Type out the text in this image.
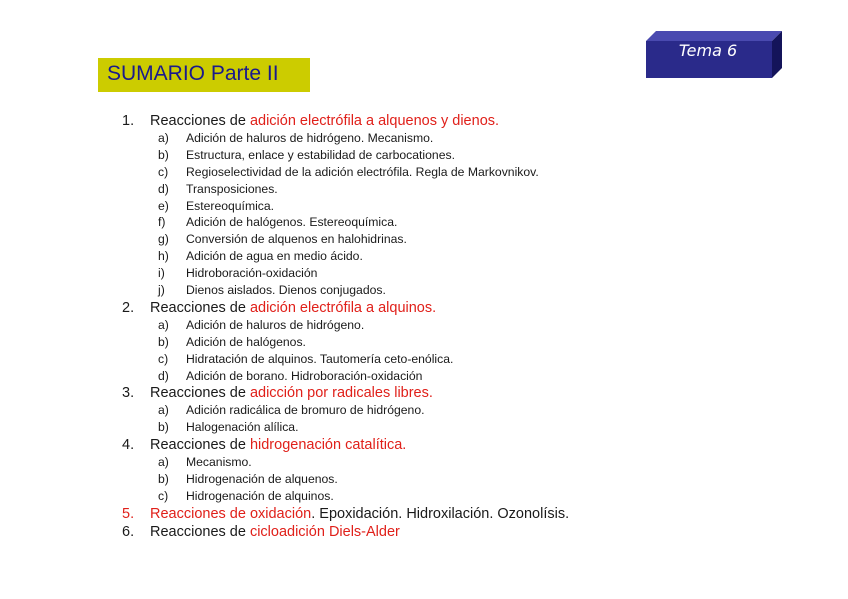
Tema 6
SUMARIO Parte II
1.	Reacciones de adición electrófila a alquenos y dienos.
a) Adición de haluros de hidrógeno. Mecanismo.
b) Estructura, enlace y estabilidad de carbocationes.
c) Regioselectividad de la adición electrófila. Regla de Markovnikov.
d) Transposiciones.
e) Estereoquímica.
f) Adición de halógenos. Estereoquímica.
g) Conversión de alquenos en halohidrinas.
h) Adición de agua en medio ácido.
i) Hidroboración-oxidación
j) Dienos aislados. Dienos conjugados.
2.	Reacciones de adición electrófila a alquinos.
a) Adición de haluros de hidrógeno.
b) Adición de halógenos.
c) Hidratación de alquinos. Tautomería ceto-enólica.
d) Adición de borano. Hidroboración-oxidación
3.	Reacciones de adicción por radicales libres.
a) Adición radicálica de bromuro de hidrógeno.
b) Halogenación alílica.
4.	Reacciones de hidrogenación catalítica.
a) Mecanismo.
b) Hidrogenación de alquenos.
c) Hidrogenación de alquinos.
5.	Reacciones de oxidación. Epoxidación. Hidroxilación. Ozonolísis.
6.	Reacciones de cicloadición Diels-Alder
